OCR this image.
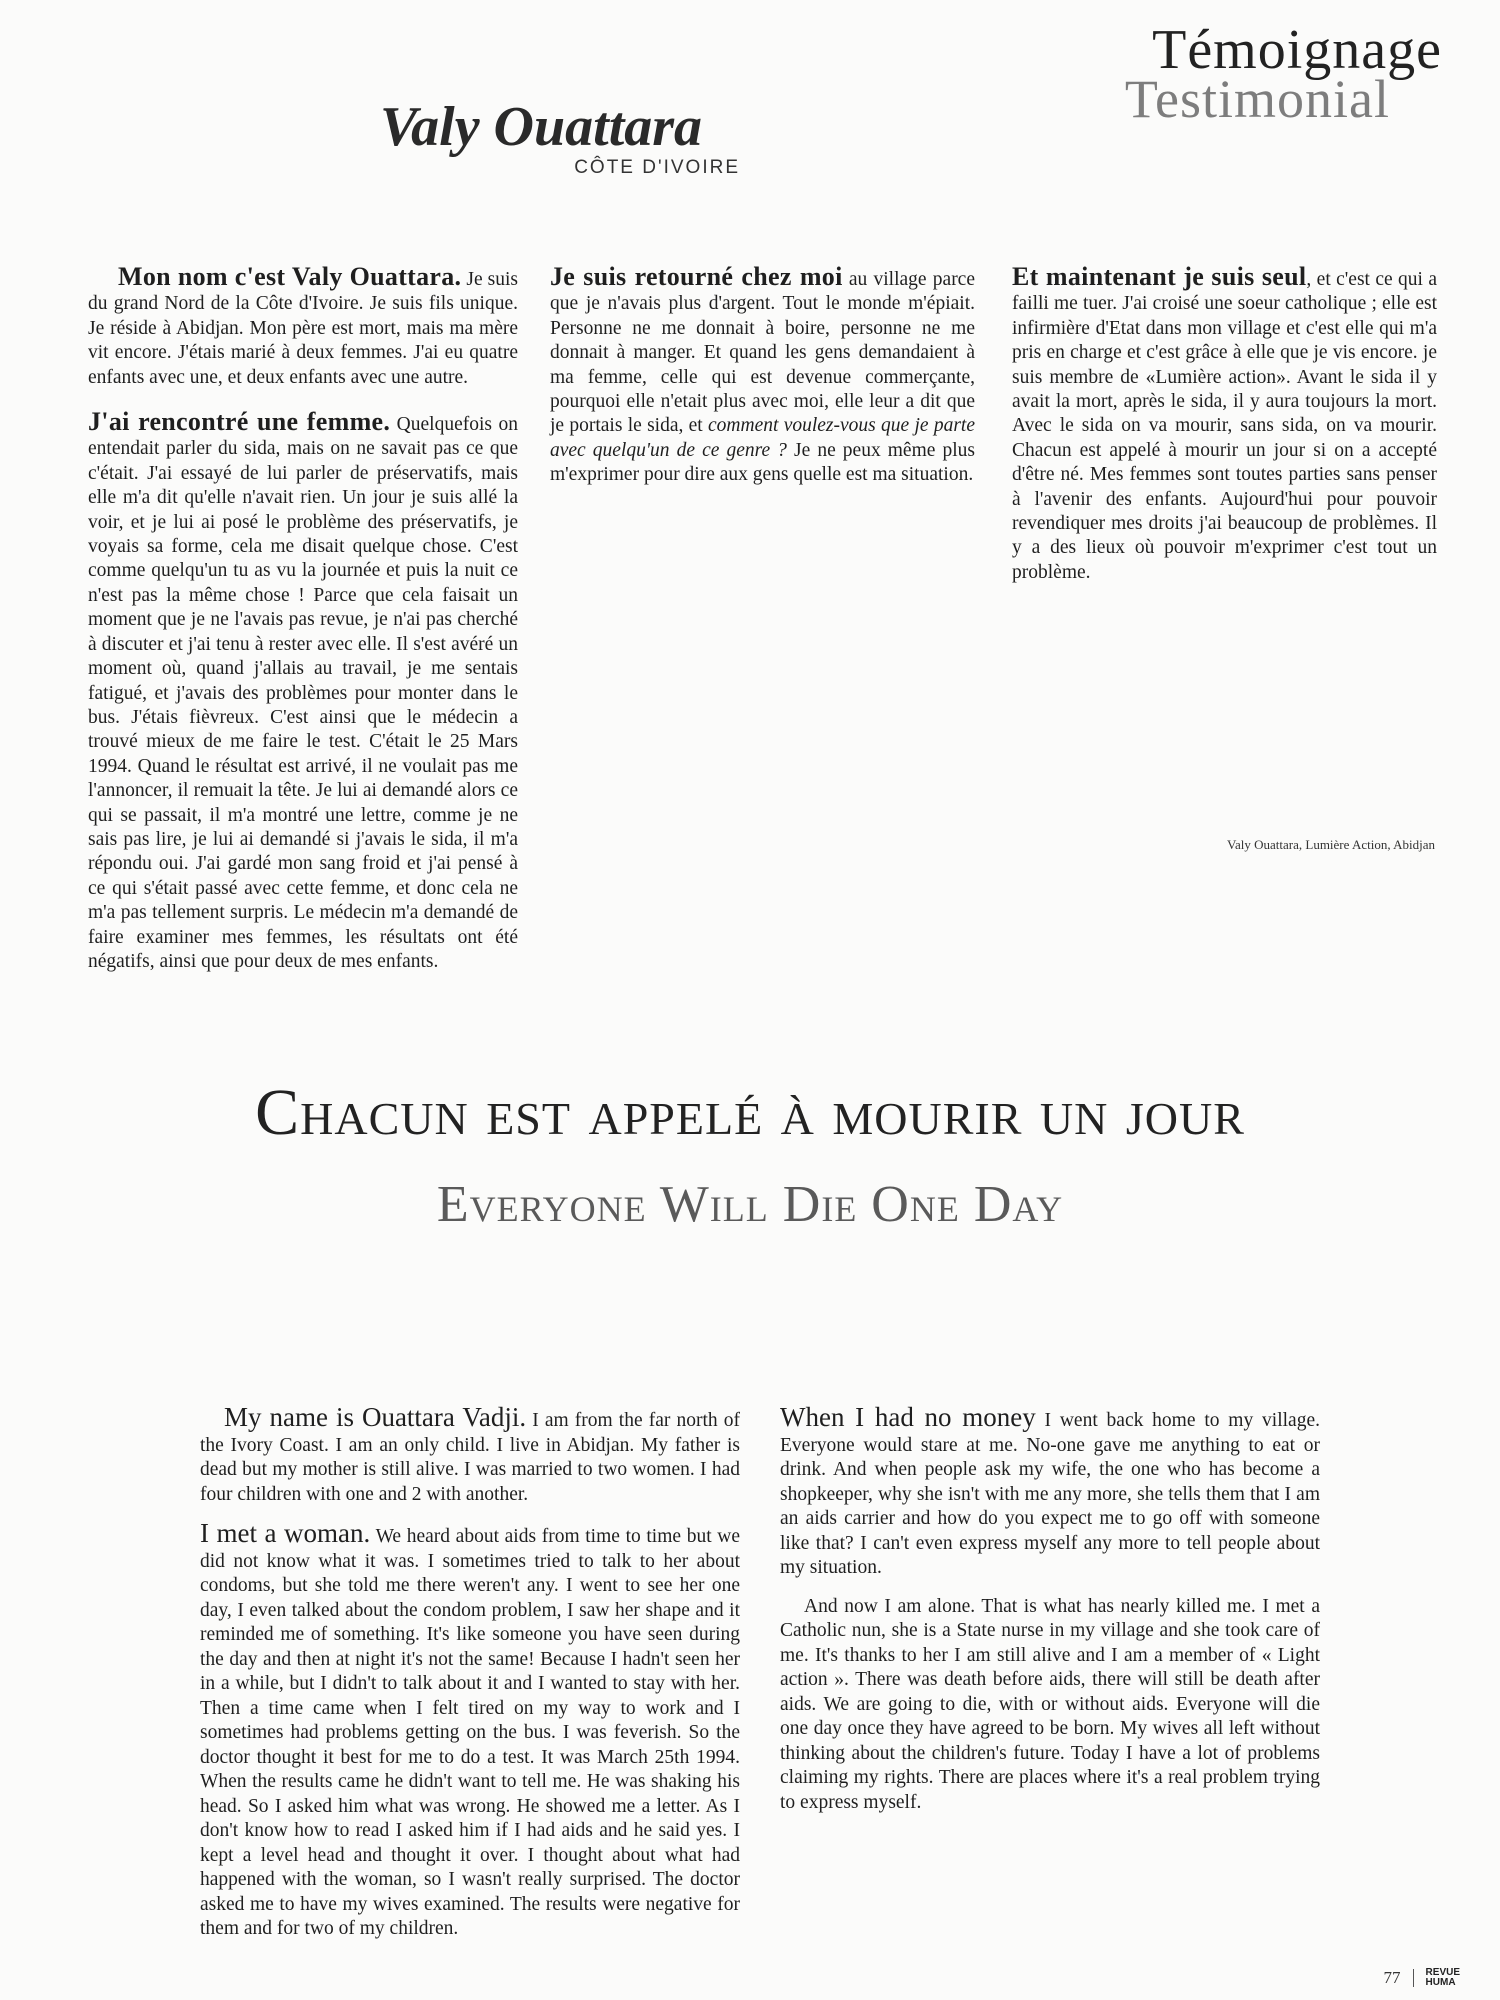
Témoignage
Testimonial
Valy Ouattara
CÔTE D'IVOIRE

Mon nom c'est Valy Ouattara. Je suis du grand Nord de la Côte d'Ivoire. Je suis fils unique. Je réside à Abidjan. Mon père est mort, mais ma mère vit encore. J'étais marié à deux femmes. J'ai eu quatre enfants avec une, et deux enfants avec une autre.

J'ai rencontré une femme. Quelquefois on entendait parler du sida, mais on ne savait pas ce que c'était. J'ai essayé de lui parler de préservatifs, mais elle m'a dit qu'elle n'avait rien. Un jour je suis allé la voir, et je lui ai posé le problème des préservatifs, je voyais sa forme, cela me disait quelque chose. C'est comme quelqu'un tu as vu la journée et puis la nuit ce n'est pas la même chose ! Parce que cela faisait un moment que je ne l'avais pas revue, je n'ai pas cherché à discuter et j'ai tenu à rester avec elle. Il s'est avéré un moment où, quand j'allais au travail, je me sentais fatigué, et j'avais des problèmes pour monter dans le bus. J'étais fièvreux. C'est ainsi que le médecin a trouvé mieux de me faire le test. C'était le 25 Mars 1994. Quand le résultat est arrivé, il ne voulait pas me l'annoncer, il remuait la tête. Je lui ai demandé alors ce qui se passait, il m'a montré une lettre, comme je ne sais pas lire, je lui ai demandé si j'avais le sida, il m'a répondu oui. J'ai gardé mon sang froid et j'ai pensé à ce qui s'était passé avec cette femme, et donc cela ne m'a pas tellement surpris. Le médecin m'a demandé de faire examiner mes femmes, les résultats ont été négatifs, ainsi que pour deux de mes enfants.

Je suis retourné chez moi au village parce que je n'avais plus d'argent. Tout le monde m'épiait. Personne ne me donnait à boire, personne ne me donnait à manger. Et quand les gens demandaient à ma femme, celle qui est devenue commerçante, pourquoi elle n'etait plus avec moi, elle leur a dit que je portais le sida, et comment voulez-vous que je parte avec quelqu'un de ce genre ? Je ne peux même plus m'exprimer pour dire aux gens quelle est ma situation.

Et maintenant je suis seul, et c'est ce qui a failli me tuer. J'ai croisé une soeur catholique ; elle est infirmière d'Etat dans mon village et c'est elle qui m'a pris en charge et c'est grâce à elle que je vis encore. je suis membre de «Lumière action». Avant le sida il y avait la mort, après le sida, il y aura toujours la mort. Avec le sida on va mourir, sans sida, on va mourir. Chacun est appelé à mourir un jour si on a accepté d'être né. Mes femmes sont toutes parties sans penser à l'avenir des enfants. Aujourd'hui pour pouvoir revendiquer mes droits j'ai beaucoup de problèmes. Il y a des lieux où pouvoir m'exprimer c'est tout un problème.

Valy Ouattara, Lumière Action, Abidjan
Chacun est appelé à mourir un jour
Everyone Will Die One Day

My name is Ouattara Vadji. I am from the far north of the Ivory Coast. I am an only child. I live in Abidjan. My father is dead but my mother is still alive. I was married to two women. I had four children with one and 2 with another.

I met a woman. We heard about aids from time to time but we did not know what it was. I sometimes tried to talk to her about condoms, but she told me there weren't any. I went to see her one day, I even talked about the condom problem, I saw her shape and it reminded me of something. It's like someone you have seen during the day and then at night it's not the same! Because I hadn't seen her in a while, but I didn't to talk about it and I wanted to stay with her. Then a time came when I felt tired on my way to work and I sometimes had problems getting on the bus. I was feverish. So the doctor thought it best for me to do a test. It was March 25th 1994. When the results came he didn't want to tell me. He was shaking his head. So I asked him what was wrong. He showed me a letter. As I don't know how to read I asked him if I had aids and he said yes. I kept a level head and thought it over. I thought about what had happened with the woman, so I wasn't really surprised. The doctor asked me to have my wives examined. The results were negative for them and for two of my children.

When I had no money I went back home to my village. Everyone would stare at me. No-one gave me anything to eat or drink. And when people ask my wife, the one who has become a shopkeeper, why she isn't with me any more, she tells them that I am an aids carrier and how do you expect me to go off with someone like that? I can't even express myself any more to tell people about my situation.

And now I am alone. That is what has nearly killed me. I met a Catholic nun, she is a State nurse in my village and she took care of me. It's thanks to her I am still alive and I am a member of « Light action ». There was death before aids, there will still be death after aids. We are going to die, with or without aids. Everyone will die one day once they have agreed to be born. My wives all left without thinking about the children's future. Today I have a lot of problems claiming my rights. There are places where it's a real problem trying to express myself.

77	REVUE
HUMA
